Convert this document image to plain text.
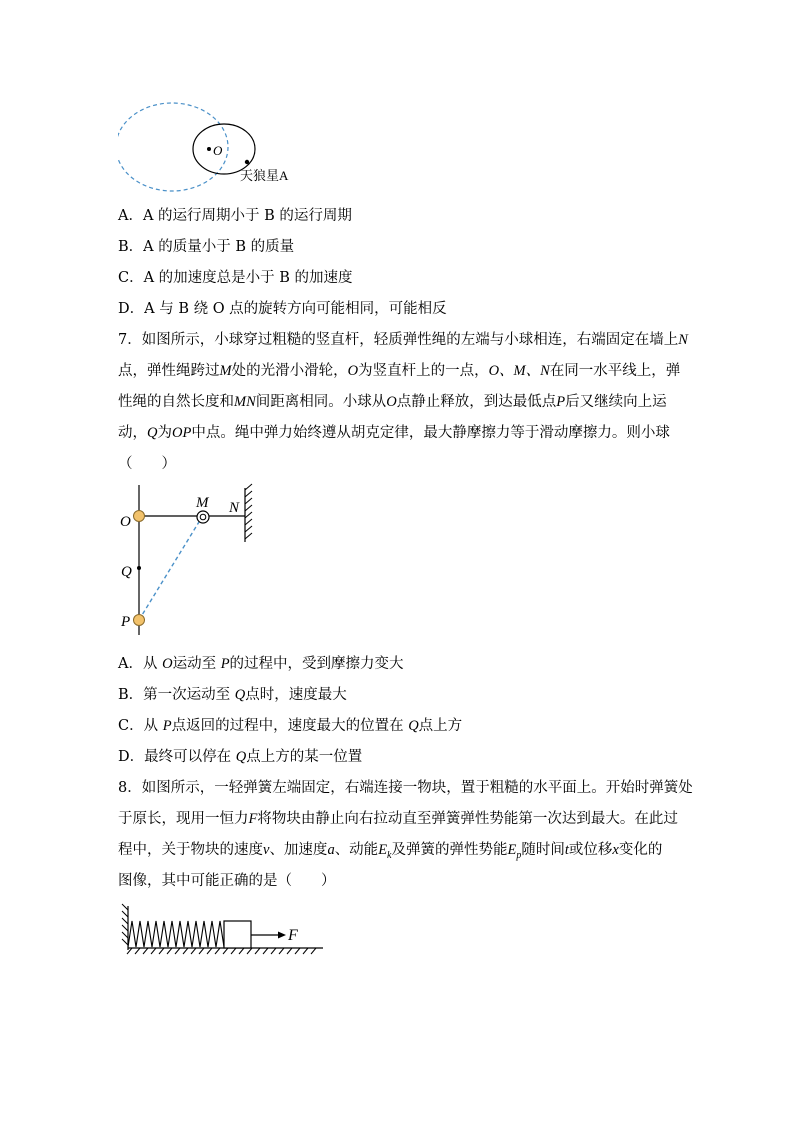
O
天狼星A
A．A 的运行周期小于 B 的运行周期
B．A 的质量小于 B 的质量
C．A 的加速度总是小于 B 的加速度
D．A 与 B 绕 O 点的旋转方向可能相同，可能相反
7．如图所示，小球穿过粗糙的竖直杆，轻质弹性绳的左端与小球相连，右端固定在墙上N
点，弹性绳跨过M处的光滑小滑轮，O为竖直杆上的一点，O、M、N在同一水平线上，弹
性绳的自然长度和MN间距离相同。小球从O点静止释放，到达最低点P后又继续向上运
动，Q为OP中点。绳中弹力始终遵从胡克定律，最大静摩擦力等于滑动摩擦力。则小球
（　　）
O
M N
Q
P
A．从 O运动至 P的过程中，受到摩擦力变大
B．第一次运动至 Q点时，速度最大
C．从 P点返回的过程中，速度最大的位置在 Q点上方
D．最终可以停在 Q点上方的某一位置
8．如图所示，一轻弹簧左端固定，右端连接一物块，置于粗糙的水平面上。开始时弹簧处
于原长，现用一恒力F将物块由静止向右拉动直至弹簧弹性势能第一次达到最大。在此过
程中，关于物块的速度v、加速度a、动能$E_k$及弹簧的弹性势能$E_p$随时间t或位移x变化的
图像，其中可能正确的是（　　）
F
